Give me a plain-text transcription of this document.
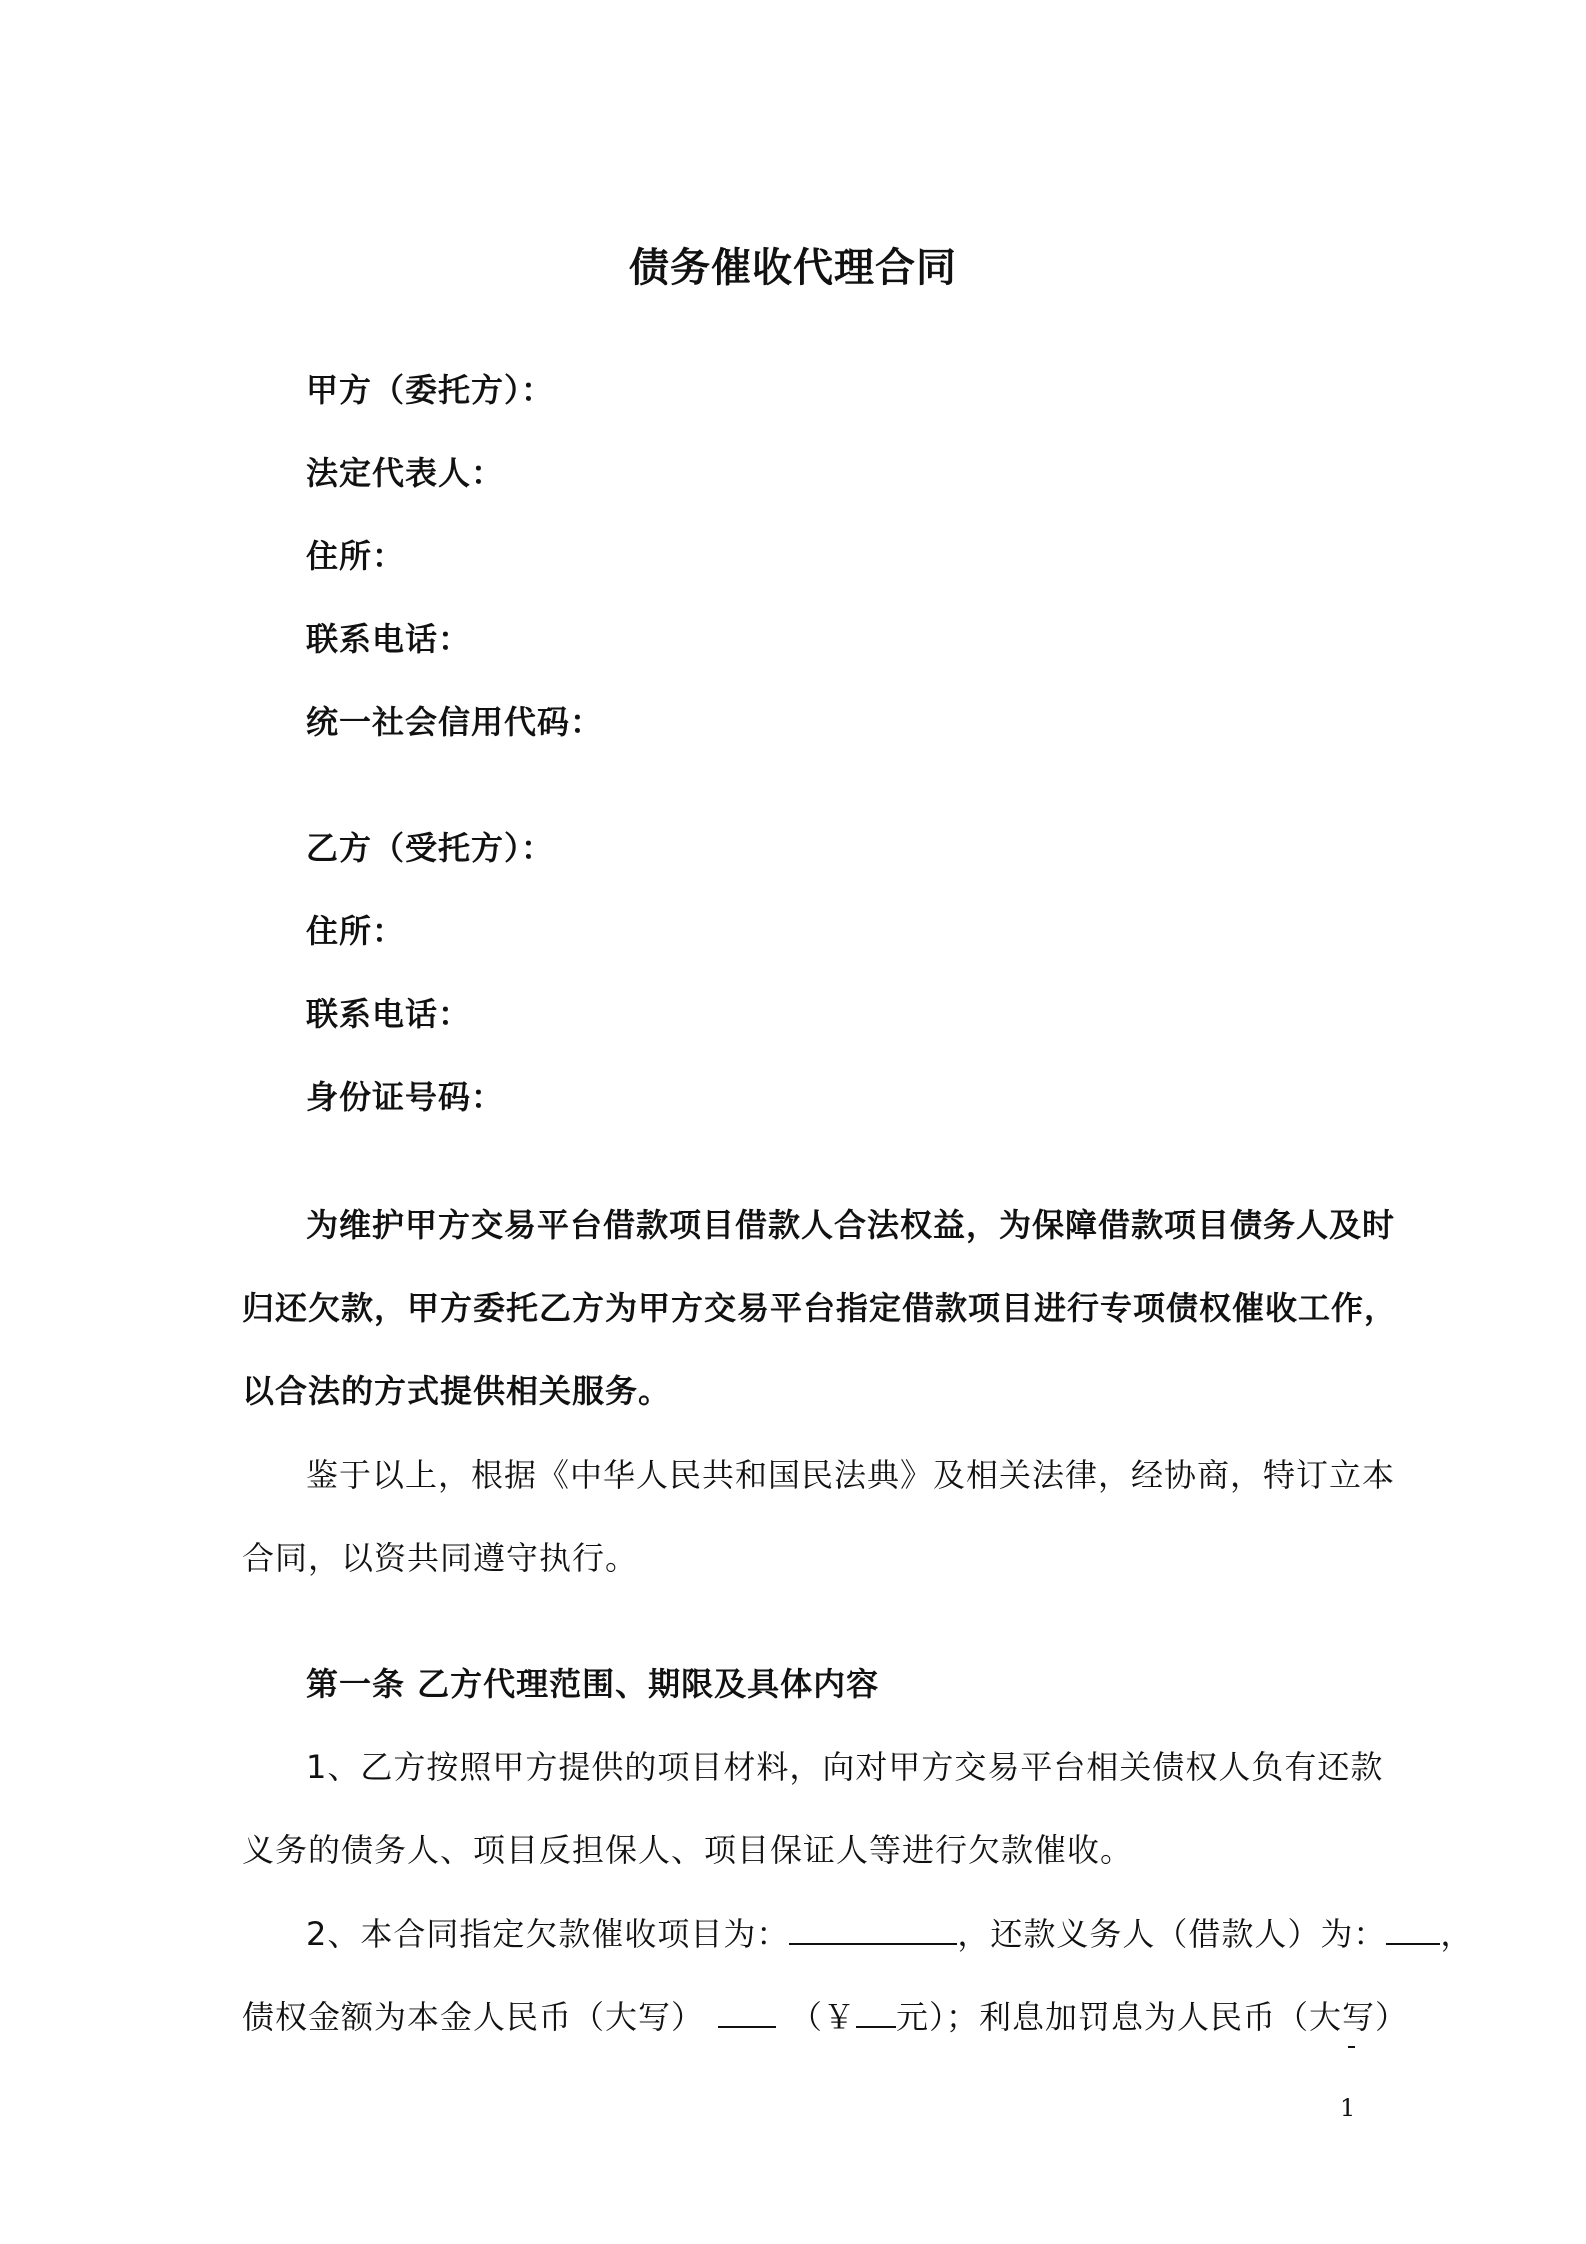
债务催收代理合同
甲方（委托方）：
法定代表人：
住所：
联系电话：
统一社会信用代码：
乙方（受托方）：
住所：
联系电话：
身份证号码：
为维护甲方交易平台借款项目借款人合法权益，为保障借款项目债务人及时
归还欠款，甲方委托乙方为甲方交易平台指定借款项目进行专项债权催收工作，
以合法的方式提供相关服务。
鉴于以上，根据《中华人民共和国民法典》及相关法律，经协商，特订立本
合同，以资共同遵守执行。
第一条 乙方代理范围、期限及具体内容
1、乙方按照甲方提供的项目材料，向对甲方交易平台相关债权人负有还款
义务的债务人、项目反担保人、项目保证人等进行欠款催收。
2、本合同指定欠款催收项目为：	，还款义务人（借款人）为： ，
债权金额为本金人民币（大写）	（￥ 元）；利息加罚息为人民币（大写）
1
